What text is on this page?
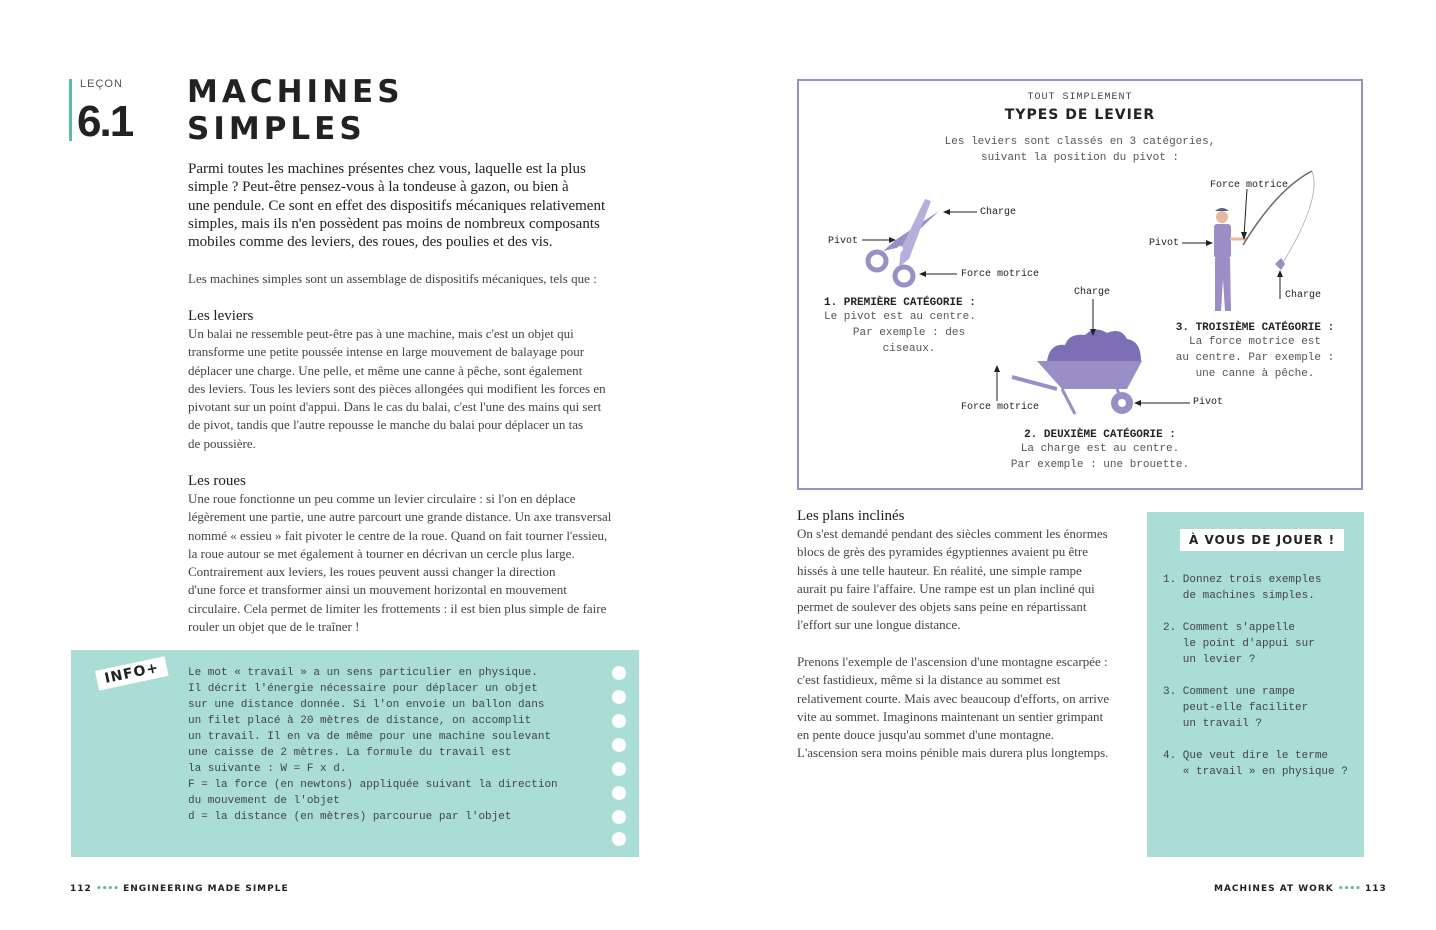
LEÇON
6.1
MACHINES
SIMPLES
Parmi toutes les machines présentes chez vous, laquelle est la plus
simple ? Peut-être pensez-vous à la tondeuse à gazon, ou bien à
une pendule. Ce sont en effet des dispositifs mécaniques relativement
simples, mais ils n'en possèdent pas moins de nombreux composants
mobiles comme des leviers, des roues, des poulies et des vis.
Les machines simples sont un assemblage de dispositifs mécaniques, tels que :
Les leviers
Un balai ne ressemble peut-être pas à une machine, mais c'est un objet qui
transforme une petite poussée intense en large mouvement de balayage pour
déplacer une charge. Une pelle, et même une canne à pêche, sont également
des leviers. Tous les leviers sont des pièces allongées qui modifient les forces en
pivotant sur un point d'appui. Dans le cas du balai, c'est l'une des mains qui sert
de pivot, tandis que l'autre repousse le manche du balai pour déplacer un tas
de poussière.
Les roues
Une roue fonctionne un peu comme un levier circulaire : si l'on en déplace
légèrement une partie, une autre parcourt une grande distance. Un axe transversal
nommé « essieu » fait pivoter le centre de la roue. Quand on fait tourner l'essieu,
la roue autour se met également à tourner en décrivan un cercle plus large.
Contrairement aux leviers, les roues peuvent aussi changer la direction
d'une force et transformer ainsi un mouvement horizontal en mouvement
circulaire. Cela permet de limiter les frottements : il est bien plus simple de faire
rouler un objet que de le traîner !
INFO+	Le mot « travail » a un sens particulier en physique.
Il décrit l'énergie nécessaire pour déplacer un objet
sur une distance donnée. Si l'on envoie un ballon dans
un filet placé à 20 mètres de distance, on accomplit
un travail. Il en va de même pour une machine soulevant
une caisse de 2 mètres. La formule du travail est
la suivante : W = F x d.
F = la force (en newtons) appliquée suivant la direction
du mouvement de l'objet
d = la distance (en mètres) parcourue par l'objet
112 •••• ENGINEERING MADE SIMPLE	MACHINES AT WORK •••• 113
TOUT SIMPLEMENT
TYPES DE LEVIER
Les leviers sont classés en 3 catégories,
suivant la position du pivot :
Charge
Pivot
Force motrice
Force motrice
Pivot
Charge
Charge
Force motrice	Pivot
1. PREMIÈRE CATÉGORIE :
Le pivot est au centre.
Par exemple : des
ciseaux.
2. DEUXIÈME CATÉGORIE :
La charge est au centre.
Par exemple : une brouette.
3. TROISIÈME CATÉGORIE :
La force motrice est
au centre. Par exemple :
une canne à pêche.
Les plans inclinés
On s'est demandé pendant des siècles comment les énormes
blocs de grès des pyramides égyptiennes avaient pu être
hissés à une telle hauteur. En réalité, une simple rampe
aurait pu faire l'affaire. Une rampe est un plan incliné qui
permet de soulever des objets sans peine en répartissant
l'effort sur une longue distance.
Prenons l'exemple de l'ascension d'une montagne escarpée :
c'est fastidieux, même si la distance au sommet est
relativement courte. Mais avec beaucoup d'efforts, on arrive
vite au sommet. Imaginons maintenant un sentier grimpant
en pente douce jusqu'au sommet d'une montagne.
L'ascension sera moins pénible mais durera plus longtemps.
À VOUS DE JOUER !
1. Donnez trois exemples
de machines simples.
2. Comment s'appelle
le point d'appui sur
un levier ?
3. Comment une rampe
peut-elle faciliter
un travail ?
4. Que veut dire le terme
« travail » en physique ?
